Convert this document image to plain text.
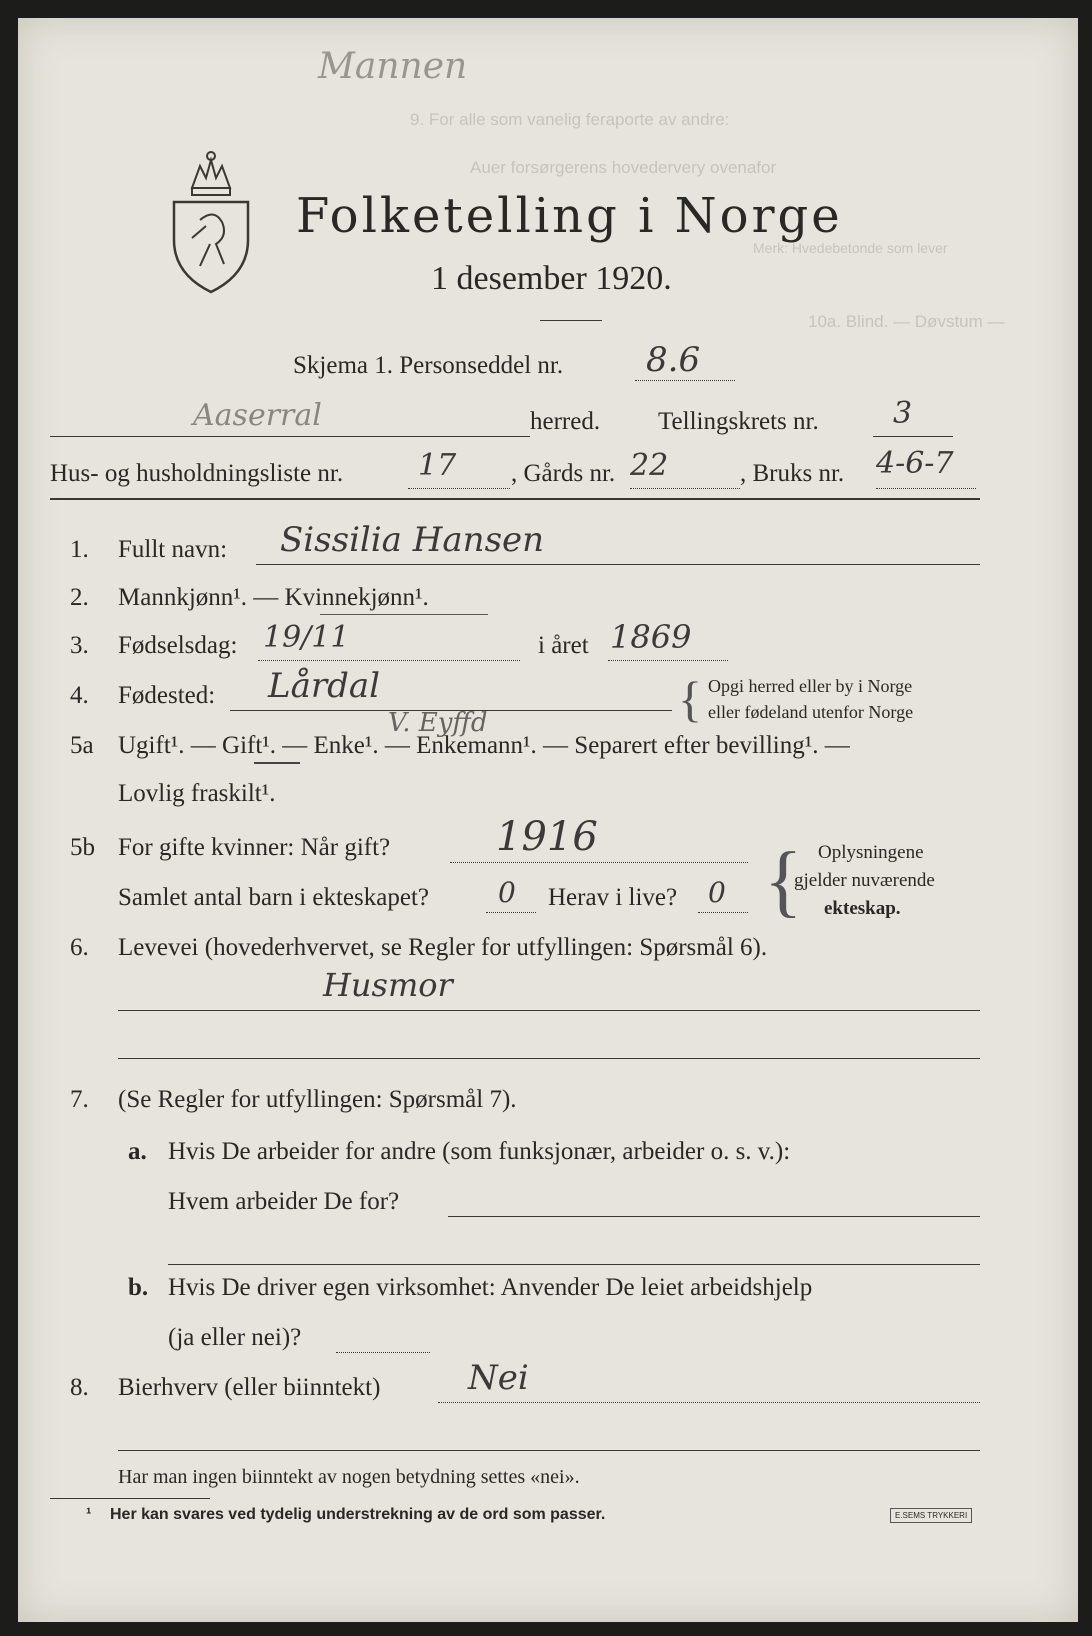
9. For alle som vanelig feraporte av andre:
Auer forsørgerens hovedervery ovenafor
Merk: Hvedebetonde som lever
10a. Blind. — Døvstum —
Mannen
Folketelling i Norge
1 desember 1920.
Skjema 1. Personseddel nr. 8.6
Aaserral	herred. Tellingskrets nr. 3
Hus- og husholdningsliste nr. 17 , Gårds nr. 22	, Bruks nr. 4-6-7
1. Fullt navn: Sissilia Hansen
2. Mannkjønn¹. — Kvinnekjønn¹.
3. Fødselsdag: 19/11	i året 1869
4. Fødested: Lårdal
V. Eyffd	{ Opgi herred eller by i Norge
eller fødeland utenfor Norge
5a Ugift¹. — Gift¹. — Enke¹. — Enkemann¹. — Separert efter bevilling¹. —
Lovlig fraskilt¹.
5b For gifte kvinner: Når gift?	1916
Samlet antal barn i ekteskapet? 0 Herav i live? 0 { Oplysningene
gjelder nuværende
ekteskap.
6. Levevei (hovederhvervet, se Regler for utfyllingen: Spørsmål 6).
Husmor
7. (Se Regler for utfyllingen: Spørsmål 7).
a. Hvis De arbeider for andre (som funksjonær, arbeider o. s. v.):
Hvem arbeider De for?
b. Hvis De driver egen virksomhet: Anvender De leiet arbeidshjelp
(ja eller nei)?
8. Bierhverv (eller biinntekt)	Nei
Har man ingen biinntekt av nogen betydning settes «nei».
¹ Her kan svares ved tydelig understrekning av de ord som passer.	E.SEMS TRYKKERI
